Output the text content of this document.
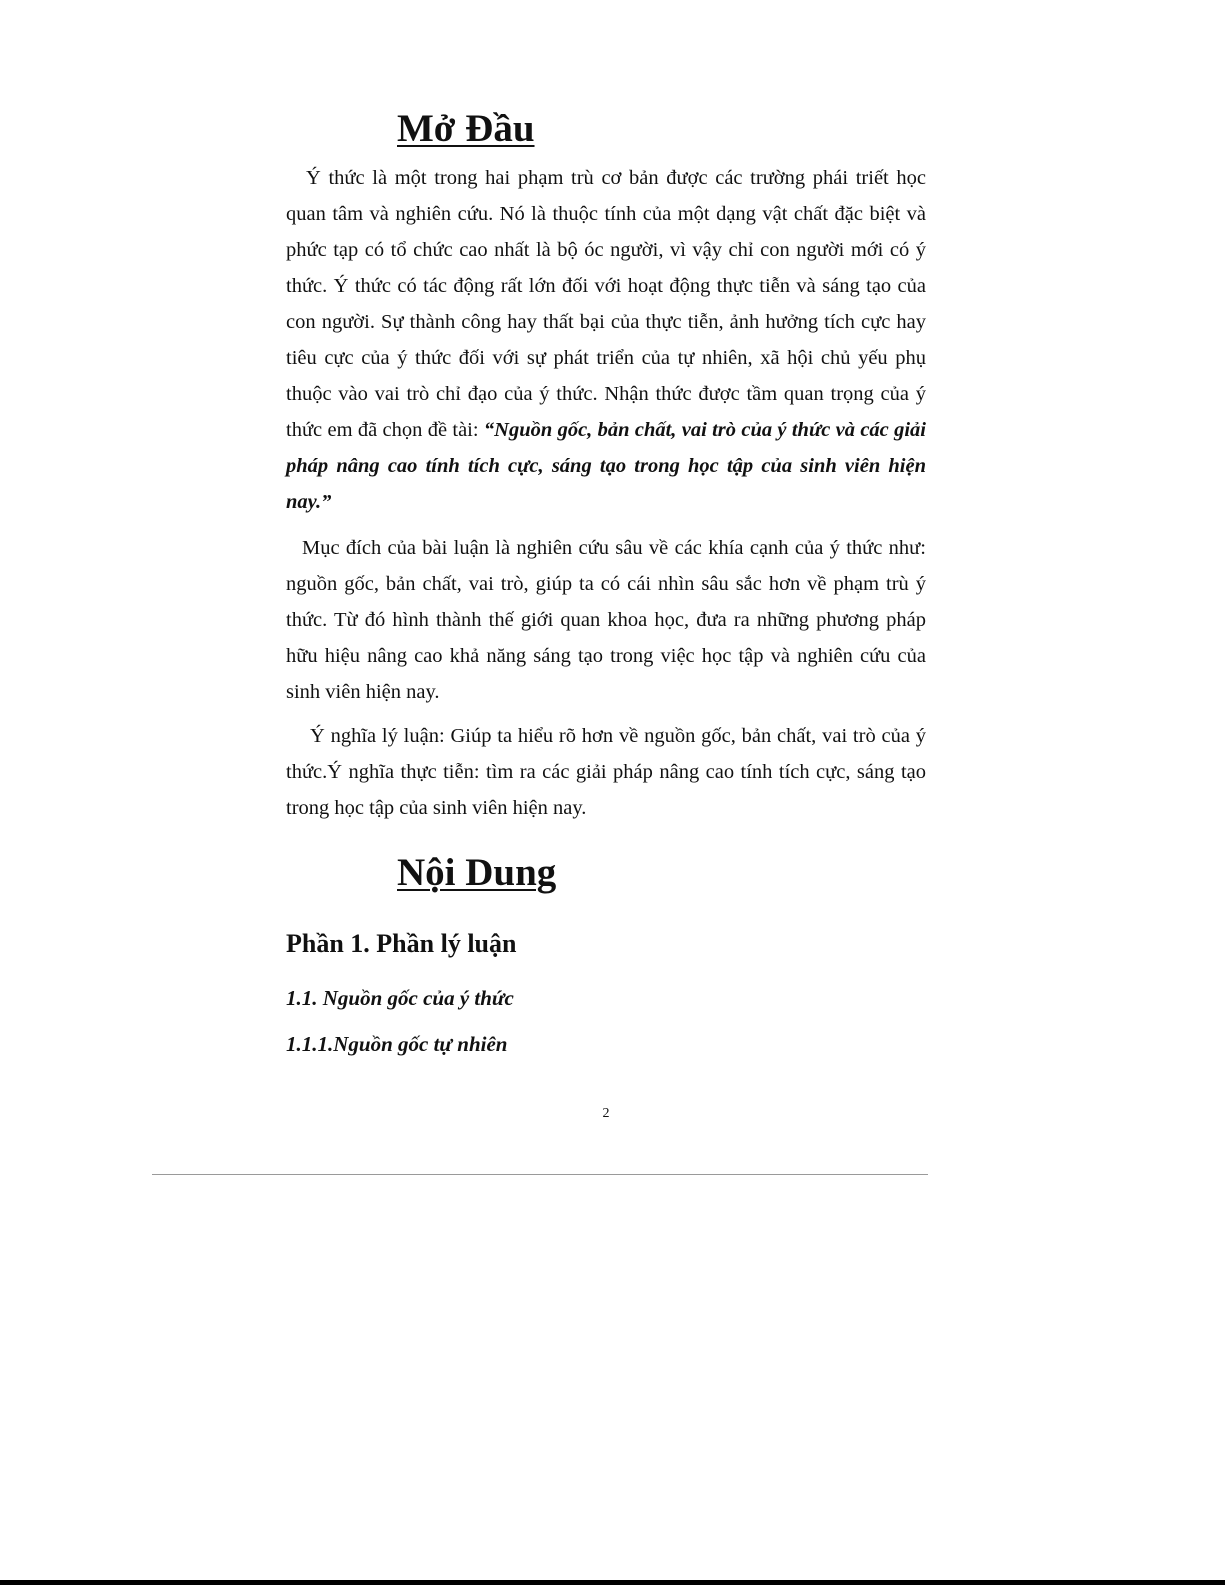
Mở Đầu

Ý thức là một trong hai phạm trù cơ bản được các trường phái triết học quan tâm và nghiên cứu. Nó là thuộc tính của một dạng vật chất đặc biệt và phức tạp có tổ chức cao nhất là bộ óc người, vì vậy chỉ con người mới có ý thức. Ý thức có tác động rất lớn đối với hoạt động thực tiễn và sáng tạo của con người. Sự thành công hay thất bại của thực tiễn, ảnh hưởng tích cực hay tiêu cực của ý thức đối với sự phát triển của tự nhiên, xã hội chủ yếu phụ thuộc vào vai trò chỉ đạo của ý thức. Nhận thức được tầm quan trọng của ý thức em đã chọn đề tài: “Nguồn gốc, bản chất, vai trò của ý thức và các giải pháp nâng cao tính tích cực, sáng tạo trong học tập của sinh viên hiện nay.”

Mục đích của bài luận là nghiên cứu sâu về các khía cạnh của ý thức như: nguồn gốc, bản chất, vai trò, giúp ta có cái nhìn sâu sắc hơn về phạm trù ý thức. Từ đó hình thành thế giới quan khoa học, đưa ra những phương pháp hữu hiệu nâng cao khả năng sáng tạo trong việc học tập và nghiên cứu của sinh viên hiện nay.

Ý nghĩa lý luận: Giúp ta hiểu rõ hơn về nguồn gốc, bản chất, vai trò của ý thức.Ý nghĩa thực tiễn: tìm ra các giải pháp nâng cao tính tích cực, sáng tạo trong học tập của sinh viên hiện nay.

Nội Dung
Phần 1. Phần lý luận
1.1. Nguồn gốc của ý thức
1.1.1.Nguồn gốc tự nhiên
2
